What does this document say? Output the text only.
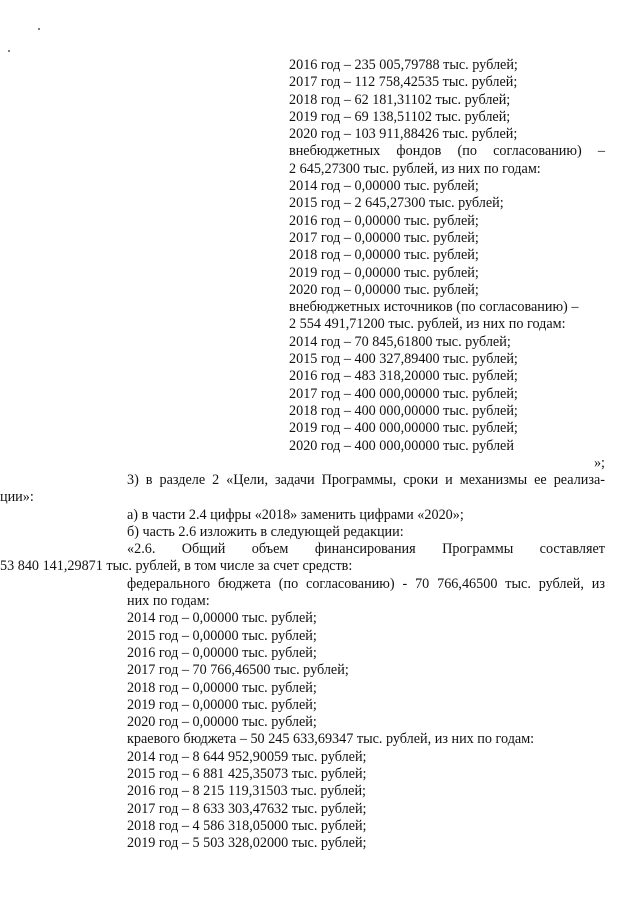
2016 год – 235 005,79788 тыс. рублей;
2017 год – 112 758,42535 тыс. рублей;
2018 год – 62 181,31102 тыс. рублей;
2019 год – 69 138,51102 тыс. рублей;
2020 год – 103 911,88426 тыс. рублей;
внебюджетных фондов (по согласованию) –
2 645,27300 тыс. рублей, из них по годам:
2014 год – 0,00000 тыс. рублей;
2015 год – 2 645,27300 тыс. рублей;
2016 год – 0,00000 тыс. рублей;
2017 год – 0,00000 тыс. рублей;
2018 год – 0,00000 тыс. рублей;
2019 год – 0,00000 тыс. рублей;
2020 год – 0,00000 тыс. рублей;
внебюджетных источников (по согласованию) –
2 554 491,71200 тыс. рублей, из них по годам:
2014 год – 70 845,61800 тыс. рублей;
2015 год – 400 327,89400 тыс. рублей;
2016 год – 483 318,20000 тыс. рублей;
2017 год – 400 000,00000 тыс. рублей;
2018 год – 400 000,00000 тыс. рублей;
2019 год – 400 000,00000 тыс. рублей;
2020 год – 400 000,00000 тыс. рублей
»;
3) в разделе 2 «Цели, задачи Программы, сроки и механизмы ее реализа-
ции»:
а) в части 2.4 цифры «2018» заменить цифрами «2020»;
б) часть 2.6 изложить в следующей редакции:
«2.6. Общий объем финансирования Программы составляет
53 840 141,29871 тыс. рублей, в том числе за счет средств:
федерального бюджета (по согласованию) - 70 766,46500 тыс. рублей, из
них по годам:
2014 год – 0,00000 тыс. рублей;
2015 год – 0,00000 тыс. рублей;
2016 год – 0,00000 тыс. рублей;
2017 год – 70 766,46500 тыс. рублей;
2018 год – 0,00000 тыс. рублей;
2019 год – 0,00000 тыс. рублей;
2020 год – 0,00000 тыс. рублей;
краевого бюджета – 50 245 633,69347 тыс. рублей, из них по годам:
2014 год – 8 644 952,90059 тыс. рублей;
2015 год – 6 881 425,35073 тыс. рублей;
2016 год – 8 215 119,31503 тыс. рублей;
2017 год – 8 633 303,47632 тыс. рублей;
2018 год – 4 586 318,05000 тыс. рублей;
2019 год – 5 503 328,02000 тыс. рублей;
